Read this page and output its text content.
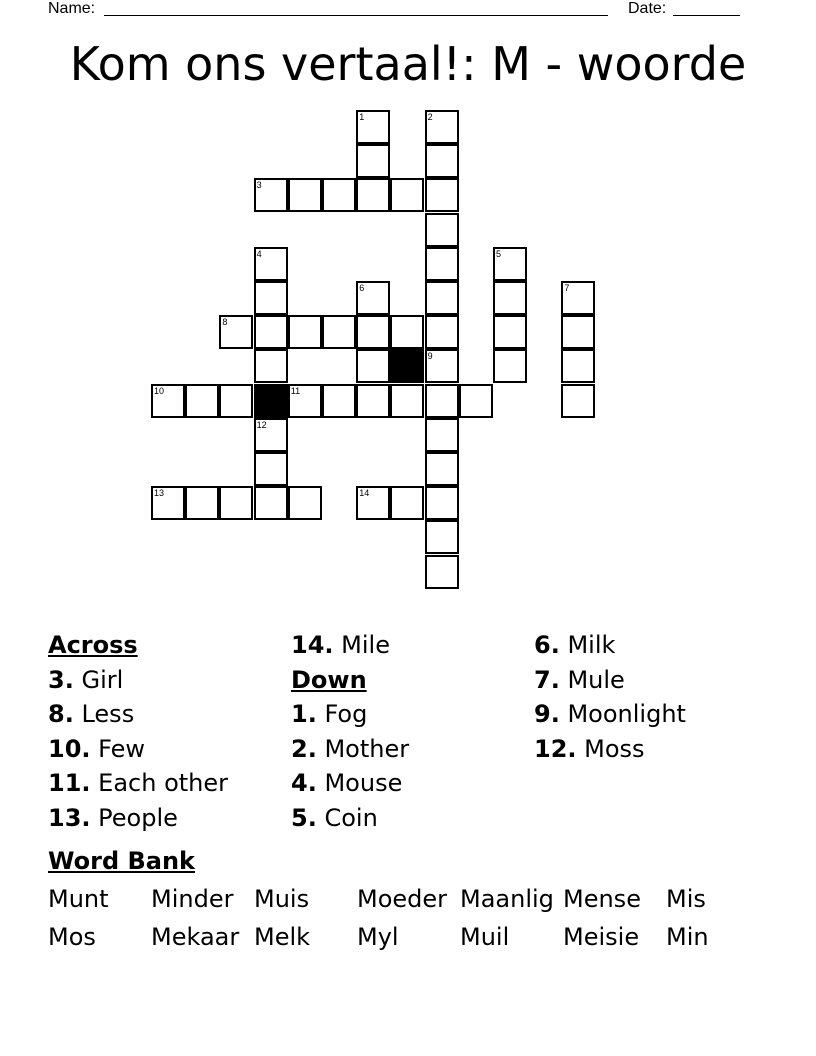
Name:	Date:
Kom ons vertaal!: M - woorde
3
8
10	11
13	14
1	2
4	5
6	7
9
12
Across
3. Girl
8. Less
10. Few
11. Each other
13. People
14. Mile
Down
1. Fog
2. Mother
4. Mouse
5. Coin
6. Milk
7. Mule
9. Moonlight
12. Moss
Word Bank
Munt Minder Muis Moeder Maanlig Mense Mis
Mos Mekaar Melk Myl	Muil Meisie Min
